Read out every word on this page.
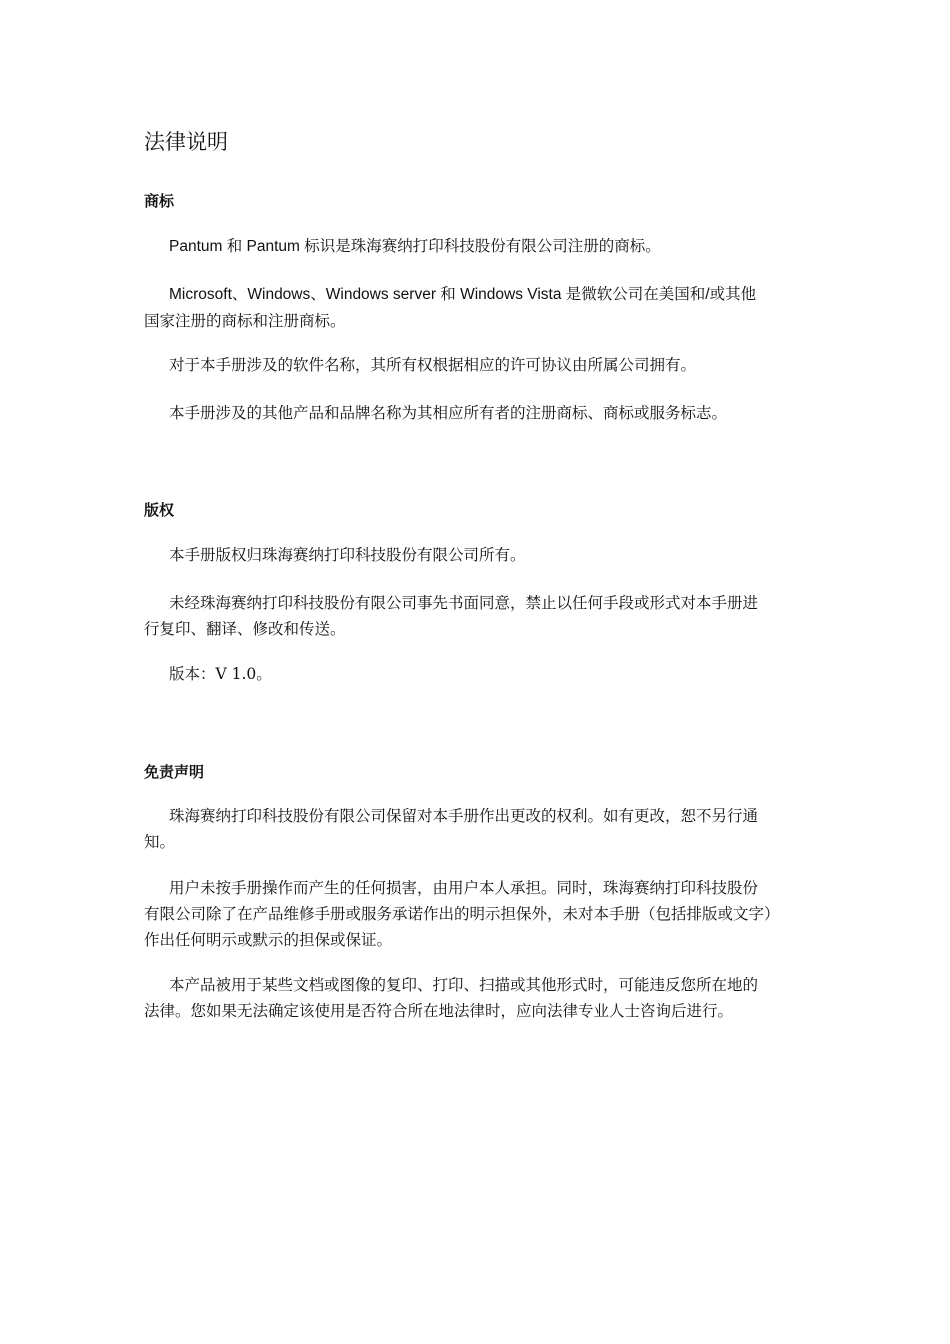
法律说明
商标

Pantum 和 Pantum 标识是珠海赛纳打印科技股份有限公司注册的商标。

Microsoft、Windows、Windows server 和 Windows Vista 是微软公司在美国和/或其他
国家注册的商标和注册商标。

对于本手册涉及的软件名称，其所有权根据相应的许可协议由所属公司拥有。

本手册涉及的其他产品和品牌名称为其相应所有者的注册商标、商标或服务标志。

版权

本手册版权归珠海赛纳打印科技股份有限公司所有。

未经珠海赛纳打印科技股份有限公司事先书面同意，禁止以任何手段或形式对本手册进
行复印、翻译、修改和传送。

版本：V 1.0。

免责声明

珠海赛纳打印科技股份有限公司保留对本手册作出更改的权利。如有更改，恕不另行通
知。

用户未按手册操作而产生的任何损害，由用户本人承担。同时，珠海赛纳打印科技股份
有限公司除了在产品维修手册或服务承诺作出的明示担保外，未对本手册（包括排版或文字）
作出任何明示或默示的担保或保证。

本产品被用于某些文档或图像的复印、打印、扫描或其他形式时，可能违反您所在地的
法律。您如果无法确定该使用是否符合所在地法律时，应向法律专业人士咨询后进行。
